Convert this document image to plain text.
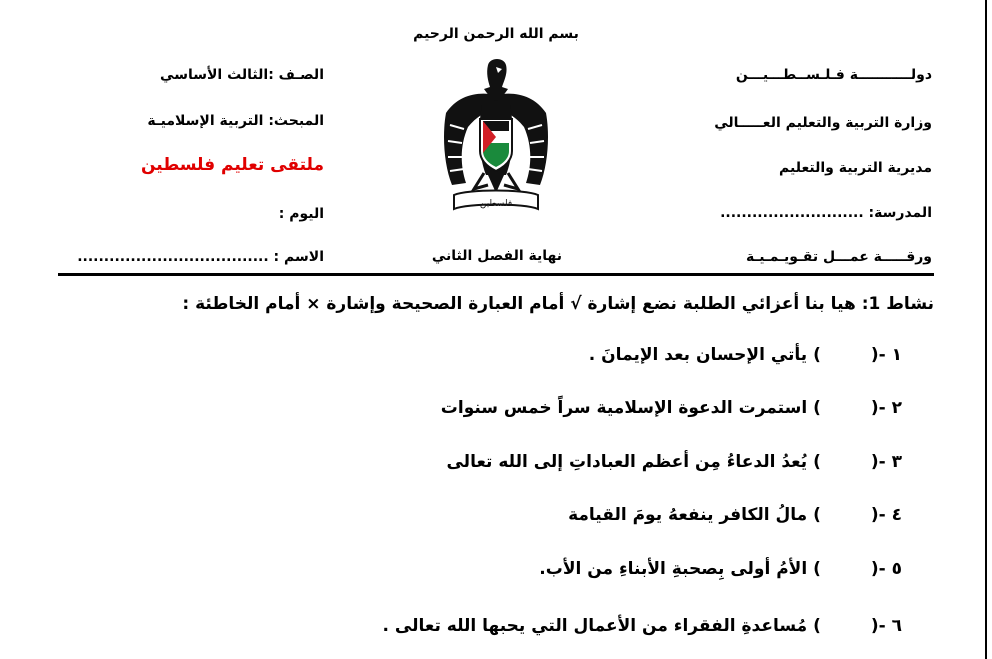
بسم الله الرحمن الرحيم
دولـــــــــــة فـلـســطـــيـــن
وزارة التربية والتعليم العـــــالي
مديرية التربية والتعليم
المدرسة: ...........................
ورقـــــة عمـــل تقـويـمـيـة
الصـف :الثالث الأساسي
المبحث: التربية الإسلاميـة
ملتقى تعليم فلسطين
اليوم :
الاسم : ....................................	نهاية الفصل الثاني
فلسطين
نشاط 1: هيا بنا أعزائي الطلبة نضع إشارة √ أمام العبارة الصحيحة وإشارة × أمام الخاطئة :
١ -() يأتي الإحسان بعد الإيمانَ .
٢ -() استمرت الدعوة الإسلامية سراً خمس سنوات
٣ -() يُعدُ الدعاءُ مِن أعظم العباداتِ إلى الله تعالى
٤ -() مالُ الكافر ينفعهُ يومَ القيامة
٥ -() الأمُ أولى بِصحبةِ الأبناءِ من الأب.
٦ -() مُساعدةِ الفقراء من الأعمال التي يحبها الله تعالى .
